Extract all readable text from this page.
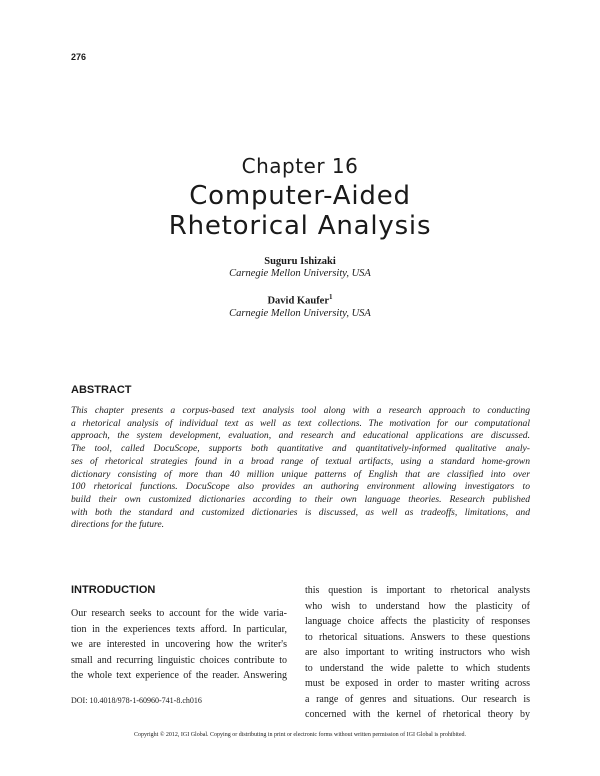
276
Chapter 16
Computer-Aided
Rhetorical Analysis
Suguru Ishizaki
Carnegie Mellon University, USA
David Kaufer$^1$
Carnegie Mellon University, USA
ABSTRACT
This chapter presents a corpus-based text analysis tool along with a research approach to conducting
a rhetorical analysis of individual text as well as text collections. The motivation for our computational
approach, the system development, evaluation, and research and educational applications are discussed.
The tool, called DocuScope, supports both quantitative and quantitatively-informed qualitative analy-
ses of rhetorical strategies found in a broad range of textual artifacts, using a standard home-grown
dictionary consisting of more than 40 million unique patterns of English that are classified into over
100 rhetorical functions. DocuScope also provides an authoring environment allowing investigators to
build their own customized dictionaries according to their own language theories. Research published
with both the standard and customized dictionaries is discussed, as well as tradeoffs, limitations, and
directions for the future.
INTRODUCTION
Our research seeks to account for the wide varia-
tion in the experiences texts afford. In particular,
we are interested in uncovering how the writer's
small and recurring linguistic choices contribute to
the whole text experience of the reader. Answering
this question is important to rhetorical analysts
who wish to understand how the plasticity of
language choice affects the plasticity of responses
to rhetorical situations. Answers to these questions
are also important to writing instructors who wish
to understand the wide palette to which students
must be exposed in order to master writing across
a range of genres and situations. Our research is
concerned with the kernel of rhetorical theory by
DOI: 10.4018/978-1-60960-741-8.ch016
Copyright © 2012, IGI Global. Copying or distributing in print or electronic forms without written permission of IGI Global is prohibited.
